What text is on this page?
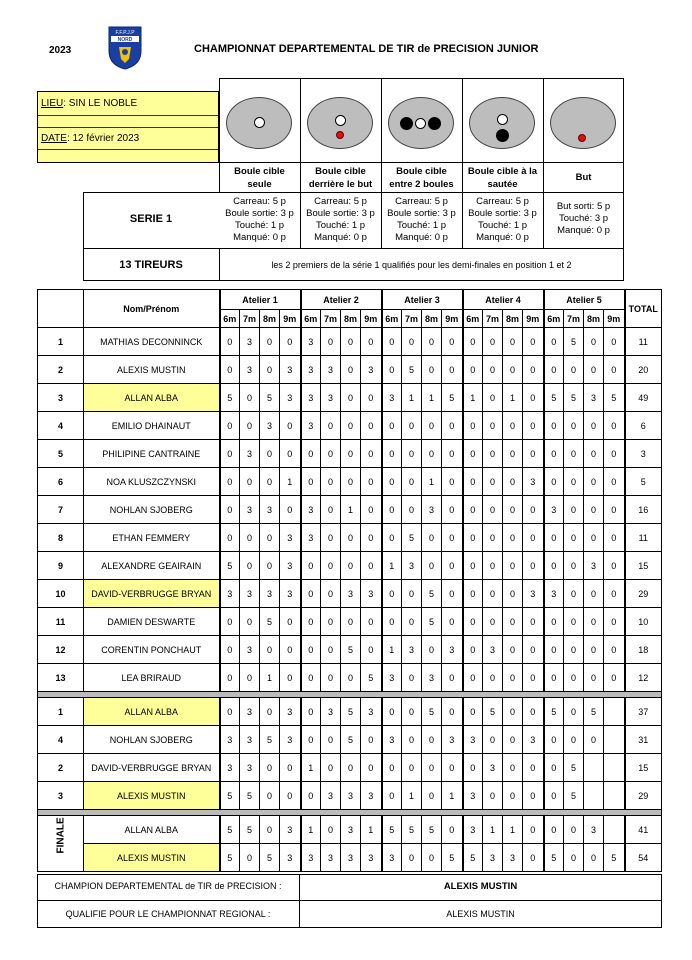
2023
F.F.P.J.P
NORD
CHAMPIONNAT DEPARTEMENTAL DE TIR de PRECISION JUNIOR
LIEU: SIN LE NOBLE
DATE: 12 février 2023
Boule cible
seule
Boule cible
derrière le but
Boule cible
entre 2 boules
Boule cible à la
sautée
But
SERIE 1
Carreau: 5 p
Boule sortie: 3 p
Touché: 1 p
Manqué: 0 p
Carreau: 5 p
Boule sortie: 3 p
Touché: 1 p
Manqué: 0 p
Carreau: 5 p
Boule sortie: 3 p
Touché: 1 p
Manqué: 0 p
Carreau: 5 p
Boule sortie: 3 p
Touché: 1 p
Manqué: 0 p
But sorti: 5 p
Touché: 3 p
Manqué: 0 p
13 TIREURS	les 2 premiers de la série 1 qualifiés pour les demi-finales en position 1 et 2
	Nom/Prénom	Atelier 1				Atelier 2				Atelier 3				Atelier 4				Atelier 5				TOTAL
		6m	7m	8m	9m	6m	7m	8m	9m	6m	7m	8m	9m	6m	7m	8m	9m	6m	7m	8m	9m	
1	MATHIAS DECONNINCK	0	3	0	0	3	0	0	0	0	0	0	0	0	0	0	0	0	5	0	0	11
2	ALEXIS MUSTIN	0	3	0	3	3	3	0	3	0	5	0	0	0	0	0	0	0	0	0	0	20
3	ALLAN ALBA	5	0	5	3	3	3	0	0	3	1	1	5	1	0	1	0	5	5	3	5	49
4	EMILIO DHAINAUT	0	0	3	0	3	0	0	0	0	0	0	0	0	0	0	0	0	0	0	0	6
5	PHILIPINE CANTRAINE	0	3	0	0	0	0	0	0	0	0	0	0	0	0	0	0	0	0	0	0	3
6	NOA KLUSZCZYNSKI	0	0	0	1	0	0	0	0	0	0	1	0	0	0	0	3	0	0	0	0	5
7	NOHLAN SJOBERG	0	3	3	0	3	0	1	0	0	0	3	0	0	0	0	0	3	0	0	0	16
8	ETHAN FEMMERY	0	0	0	3	3	0	0	0	0	5	0	0	0	0	0	0	0	0	0	0	11
9	ALEXANDRE GEAIRAIN	5	0	0	3	0	0	0	0	1	3	0	0	0	0	0	0	0	0	3	0	15
10	DAVID-VERBRUGGE BRYAN	3	3	3	3	0	0	3	3	0	0	5	0	0	0	0	3	3	0	0	0	29
11	DAMIEN DESWARTE	0	0	5	0	0	0	0	0	0	0	5	0	0	0	0	0	0	0	0	0	10
12	CORENTIN PONCHAUT	0	3	0	0	0	0	5	0	1	3	0	3	0	3	0	0	0	0	0	0	18
13	LEA BRIRAUD	0	0	1	0	0	0	0	5	3	0	3	0	0	0	0	0	0	0	0	0	12

1	ALLAN ALBA	0	3	0	3	0	3	5	3	0	0	5	0	0	5	0	0	5	0	5		37
4	NOHLAN SJOBERG	3	3	5	3	0	0	5	0	3	0	0	3	3	0	0	3	0	0	0		31
2	DAVID-VERBRUGGE BRYAN	3	3	0	0	1	0	0	0	0	0	0	0	0	3	0	0	0	5			15
3	ALEXIS MUSTIN	5	5	0	0	0	3	3	3	0	1	0	1	3	0	0	0	0	5			29

FINALE	ALLAN ALBA	5	5	0	3	1	0	3	1	5	5	5	0	3	1	1	0	0	0	3		41
	ALEXIS MUSTIN	5	0	5	3	3	3	3	3	3	0	0	5	5	3	3	0	5	0	0	5	54
CHAMPION DEPARTEMENTAL de TIR de PRECISION :	ALEXIS MUSTIN
QUALIFIE POUR LE CHAMPIONNAT REGIONAL :	ALEXIS MUSTIN
